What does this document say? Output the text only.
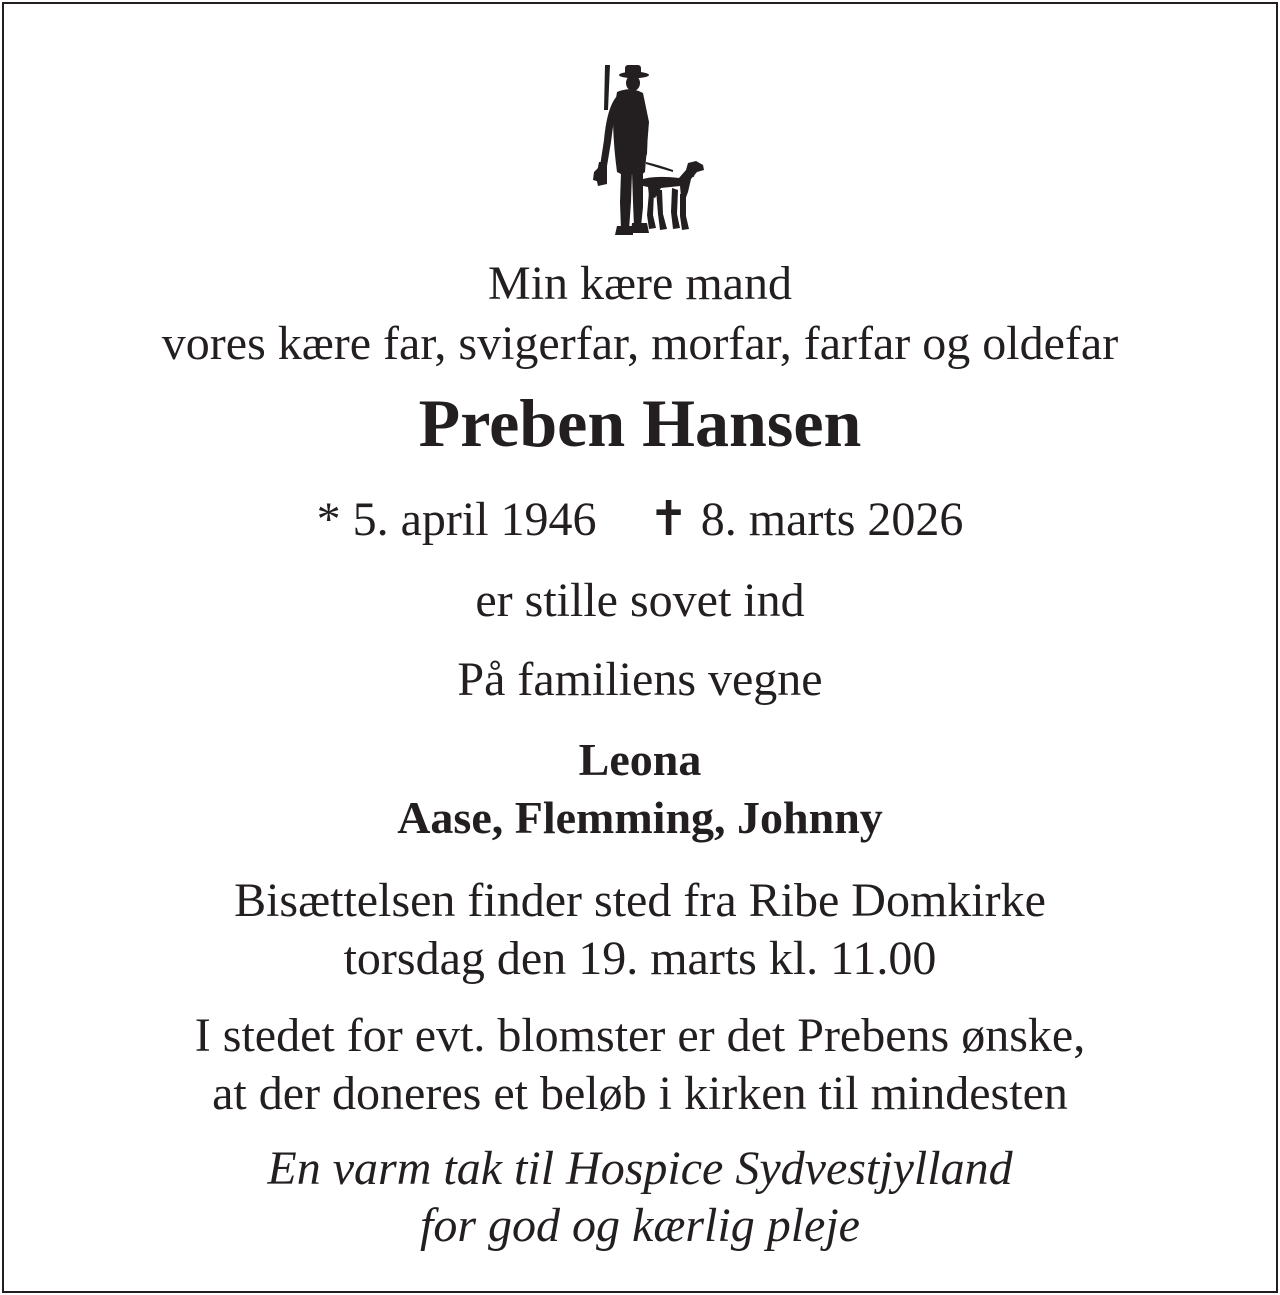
Min kære mand
vores kære far, svigerfar, morfar, farfar og oldefar
Preben Hansen
* 5. april 1946 ✝ 8. marts 2026
er stille sovet ind
På familiens vegne
Leona
Aase, Flemming, Johnny
Bisættelsen finder sted fra Ribe Domkirke
torsdag den 19. marts kl. 11.00
I stedet for evt. blomster er det Prebens ønske,
at der doneres et beløb i kirken til mindesten
En varm tak til Hospice Sydvestjylland
for god og kærlig pleje
